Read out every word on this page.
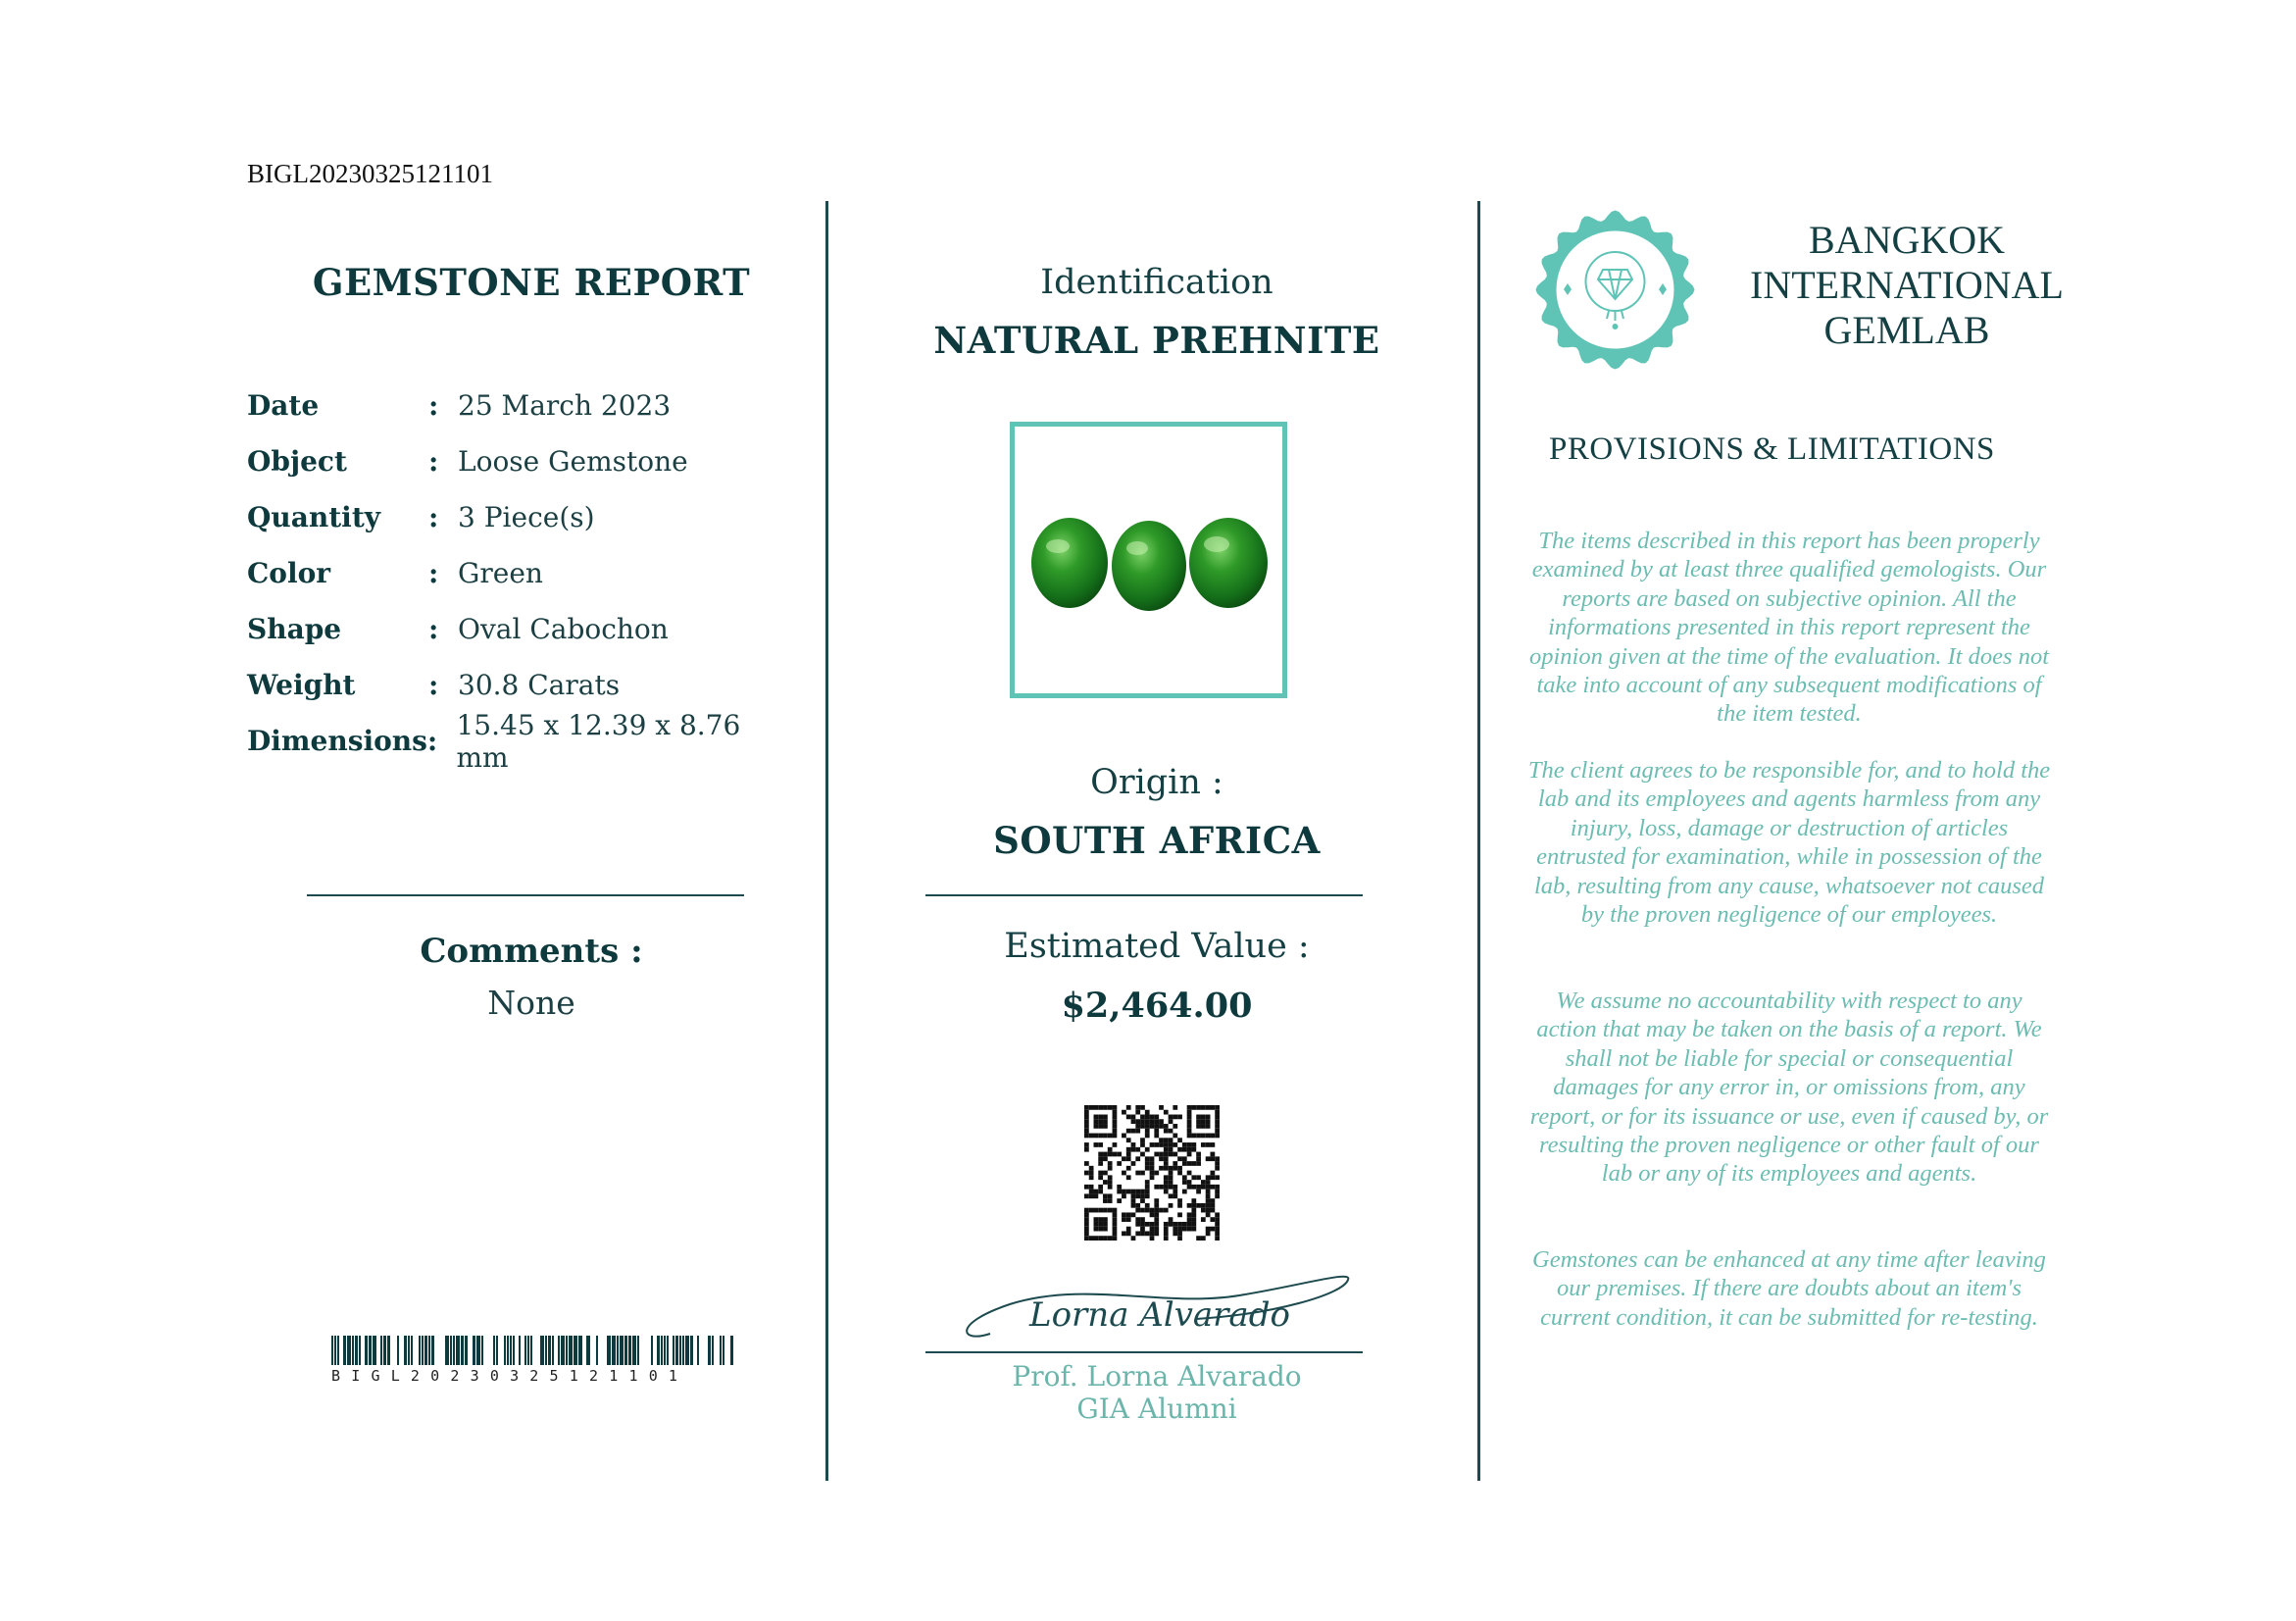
BIGL20230325121101
GEMSTONE REPORT
Date	: 25 March 2023
Object	: Loose Gemstone
Quantity	: 3 Piece(s)
Color	: Green
Shape	: Oval Cabochon
Weight	: 30.8 Carats
Dimensions : 15.45 x 12.39 x 8.76 mm
Comments :
None
BIGL20230325121101
Identification
NATURAL PREHNITE
Origin :
SOUTH AFRICA
Estimated Value :
$2,464.00
Lorna Alvarado
Prof. Lorna Alvarado
GIA Alumni
BANGKOK
INTERNATIONAL
GEMLAB
PROVISIONS & LIMITATIONS
The items described in this report has been properly examined by at least three qualified gemologists. Our reports are based on subjective opinion. All the informations presented in this report represent the opinion given at the time of the evaluation. It does not take into account of any subsequent modifications of the item tested.
The client agrees to be responsible for, and to hold the lab and its employees and agents harmless from any injury, loss, damage or destruction of articles entrusted for examination, while in possession of the lab, resulting from any cause, whatsoever not caused by the proven negligence of our employees.
We assume no accountability with respect to any action that may be taken on the basis of a report. We shall not be liable for special or consequential damages for any error in, or omissions from, any report, or for its issuance or use, even if caused by, or resulting the proven negligence or other fault of our lab or any of its employees and agents.
Gemstones can be enhanced at any time after leaving our premises. If there are doubts about an item's current condition, it can be submitted for re-testing.
